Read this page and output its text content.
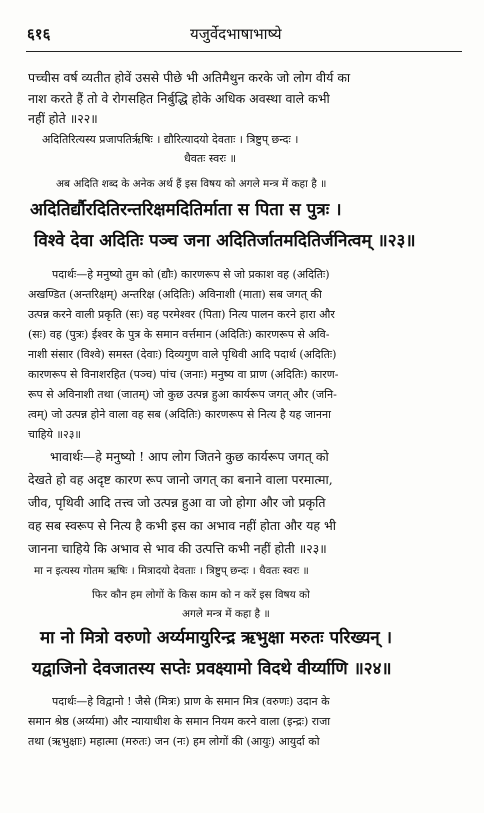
६१६	यजुर्वेदभाषाभाष्ये
पच्चीस वर्ष व्यतीत होवें उससे पीछे भी अतिमैथुन करके जो लोग वीर्य का
नाश करते हैं तो वे रोगसहित निर्बुद्धि होके अधिक अवस्था वाले कभी
नहीं होते ॥२२॥
अदितिरित्यस्य प्रजापतिर्ऋषिः । द्यौरित्यादयो देवताः । त्रिष्टुप् छन्दः ।
धैवतः स्वरः ॥
अब अदिति शब्द के अनेक अर्थ हैं इस विषय को अगले मन्त्र में कहा है ॥
अदितिर्द्यौरदितिरन्तरिक्षमदितिर्माता स पिता स पुत्रः ।
विश्वे देवा अदितिः पञ्च जना अदितिर्जातमदितिर्जनित्वम् ॥२३॥
पदार्थः—हे मनुष्यो तुम को (द्यौः) कारणरूप से जो प्रकाश वह (अदितिः)
अखण्डित (अन्तरिक्षम्) अन्तरिक्ष (अदितिः) अविनाशी (माता) सब जगत् की
उत्पन्न करने वाली प्रकृति (सः) वह परमेश्वर (पिता) नित्य पालन करने हारा और
(सः) वह (पुत्रः) ईश्वर के पुत्र के समान वर्त्तमान (अदितिः) कारणरूप से अवि-
नाशी संसार (विश्वे) समस्त (देवाः) दिव्यगुण वाले पृथिवी आदि पदार्थ (अदितिः)
कारणरूप से विनाशरहित (पञ्च) पांच (जनाः) मनुष्य वा प्राण (अदितिः) कारण-
रूप से अविनाशी तथा (जातम्) जो कुछ उत्पन्न हुआ कार्यरूप जगत् और (जनि-
त्वम्) जो उत्पन्न होने वाला वह सब (अदितिः) कारणरूप से नित्य है यह जानना
चाहिये ॥२३॥
भावार्थः—हे मनुष्यो ! आप लोग जितने कुछ कार्यरूप जगत् को
देखते हो वह अदृष्ट कारण रूप जानो जगत् का बनाने वाला परमात्मा,
जीव, पृथिवी आदि तत्त्व जो उत्पन्न हुआ वा जो होगा और जो प्रकृति
वह सब स्वरूप से नित्य है कभी इस का अभाव नहीं होता और यह भी
जानना चाहिये कि अभाव से भाव की उत्पत्ति कभी नहीं होती ॥२३॥
मा न इत्यस्य गोतम ऋषिः । मित्रादयो देवताः । त्रिष्टुप् छन्दः । धैवतः स्वरः ॥
फिर कौन हम लोगों के किस काम को न करें इस विषय को
अगले मन्त्र में कहा है ॥
मा नो मित्रो वरुणो अर्य्यमायुरिन्द्र ऋभुक्षा मरुतः परिख्यन् ।
यद्वाजिनो देवजातस्य सप्तेः प्रवक्ष्यामो विदथे वीर्य्याणि ॥२४॥
पदार्थः—हे विद्वानो ! जैसे (मित्रः) प्राण के समान मित्र (वरुणः) उदान के
समान श्रेष्ठ (अर्य्यमा) और न्यायाधीश के समान नियम करने वाला (इन्द्रः) राजा
तथा (ऋभुक्षाः) महात्मा (मरुतः) जन (नः) हम लोगों की (आयुः) आयुर्दा को
